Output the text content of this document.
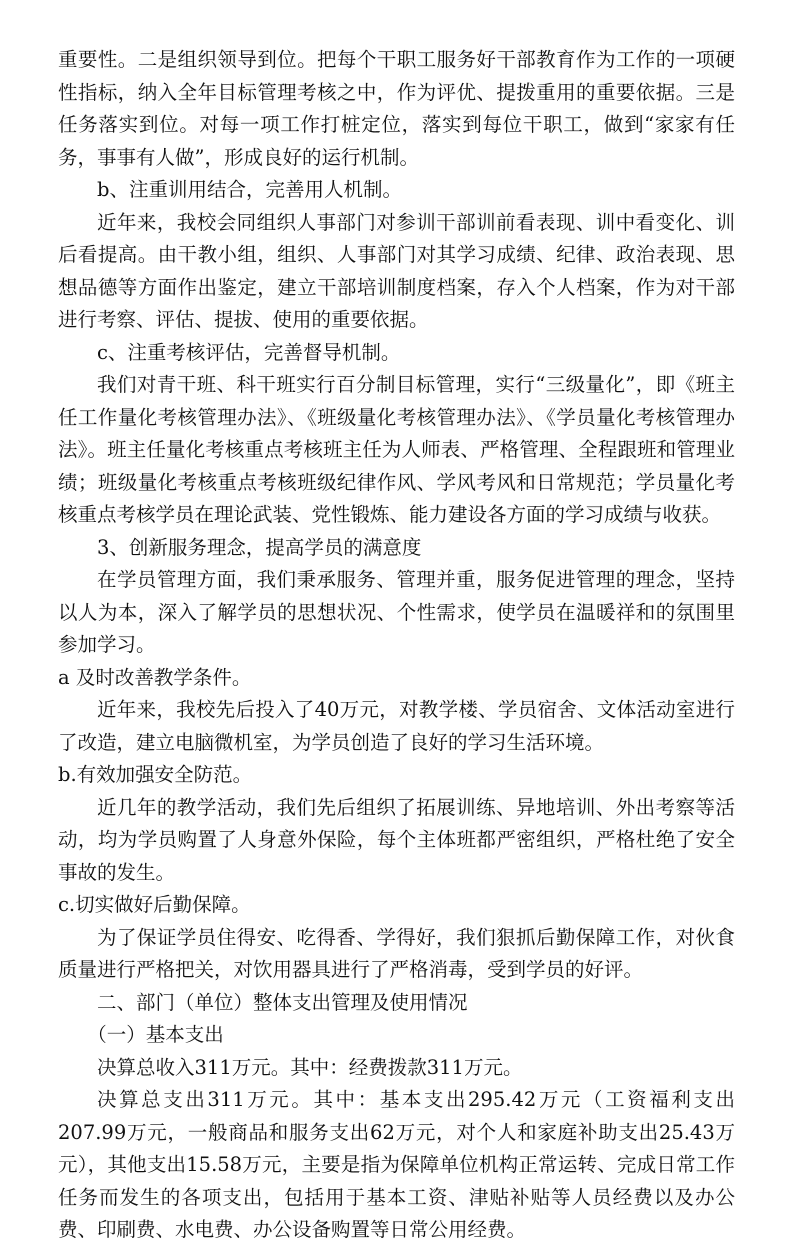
重要性。二是组织领导到位。把每个干职工服务好干部教育作为工作的一项硬性指标，纳入全年目标管理考核之中，作为评优、提拨重用的重要依据。三是任务落实到位。对每一项工作打桩定位，落实到每位干职工，做到“家家有任务，事事有人做”，形成良好的运行机制。

b、注重训用结合，完善用人机制。

近年来，我校会同组织人事部门对参训干部训前看表现、训中看变化、训后看提高。由干教小组，组织、人事部门对其学习成绩、纪律、政治表现、思想品德等方面作出鉴定，建立干部培训制度档案，存入个人档案，作为对干部进行考察、评估、提拔、使用的重要依据。

c、注重考核评估，完善督导机制。

我们对青干班、科干班实行百分制目标管理，实行“三级量化”，即《班主任工作量化考核管理办法》、《班级量化考核管理办法》、《学员量化考核管理办法》。班主任量化考核重点考核班主任为人师表、严格管理、全程跟班和管理业绩；班级量化考核重点考核班级纪律作风、学风考风和日常规范；学员量化考核重点考核学员在理论武装、党性锻炼、能力建设各方面的学习成绩与收获。

3、创新服务理念，提高学员的满意度

在学员管理方面，我们秉承服务、管理并重，服务促进管理的理念，坚持以人为本，深入了解学员的思想状况、个性需求，使学员在温暖祥和的氛围里参加学习。

a 及时改善教学条件。

近年来，我校先后投入了40万元，对教学楼、学员宿舍、文体活动室进行了改造，建立电脑微机室，为学员创造了良好的学习生活环境。

b.有效加强安全防范。

近几年的教学活动，我们先后组织了拓展训练、异地培训、外出考察等活动，均为学员购置了人身意外保险，每个主体班都严密组织，严格杜绝了安全事故的发生。

c.切实做好后勤保障。

为了保证学员住得安、吃得香、学得好，我们狠抓后勤保障工作，对伙食质量进行严格把关，对饮用器具进行了严格消毒，受到学员的好评。

二、部门（单位）整体支出管理及使用情况

（一）基本支出

决算总收入311万元。其中：经费拨款311万元。

决算总支出311万元。其中：基本支出295.42万元（工资福利支出207.99万元，一般商品和服务支出62万元，对个人和家庭补助支出25.43万元），其他支出15.58万元，主要是指为保障单位机构正常运转、完成日常工作任务而发生的各项支出，包括用于基本工资、津贴补贴等人员经费以及办公费、印刷费、水电费、办公设备购置等日常公用经费。
